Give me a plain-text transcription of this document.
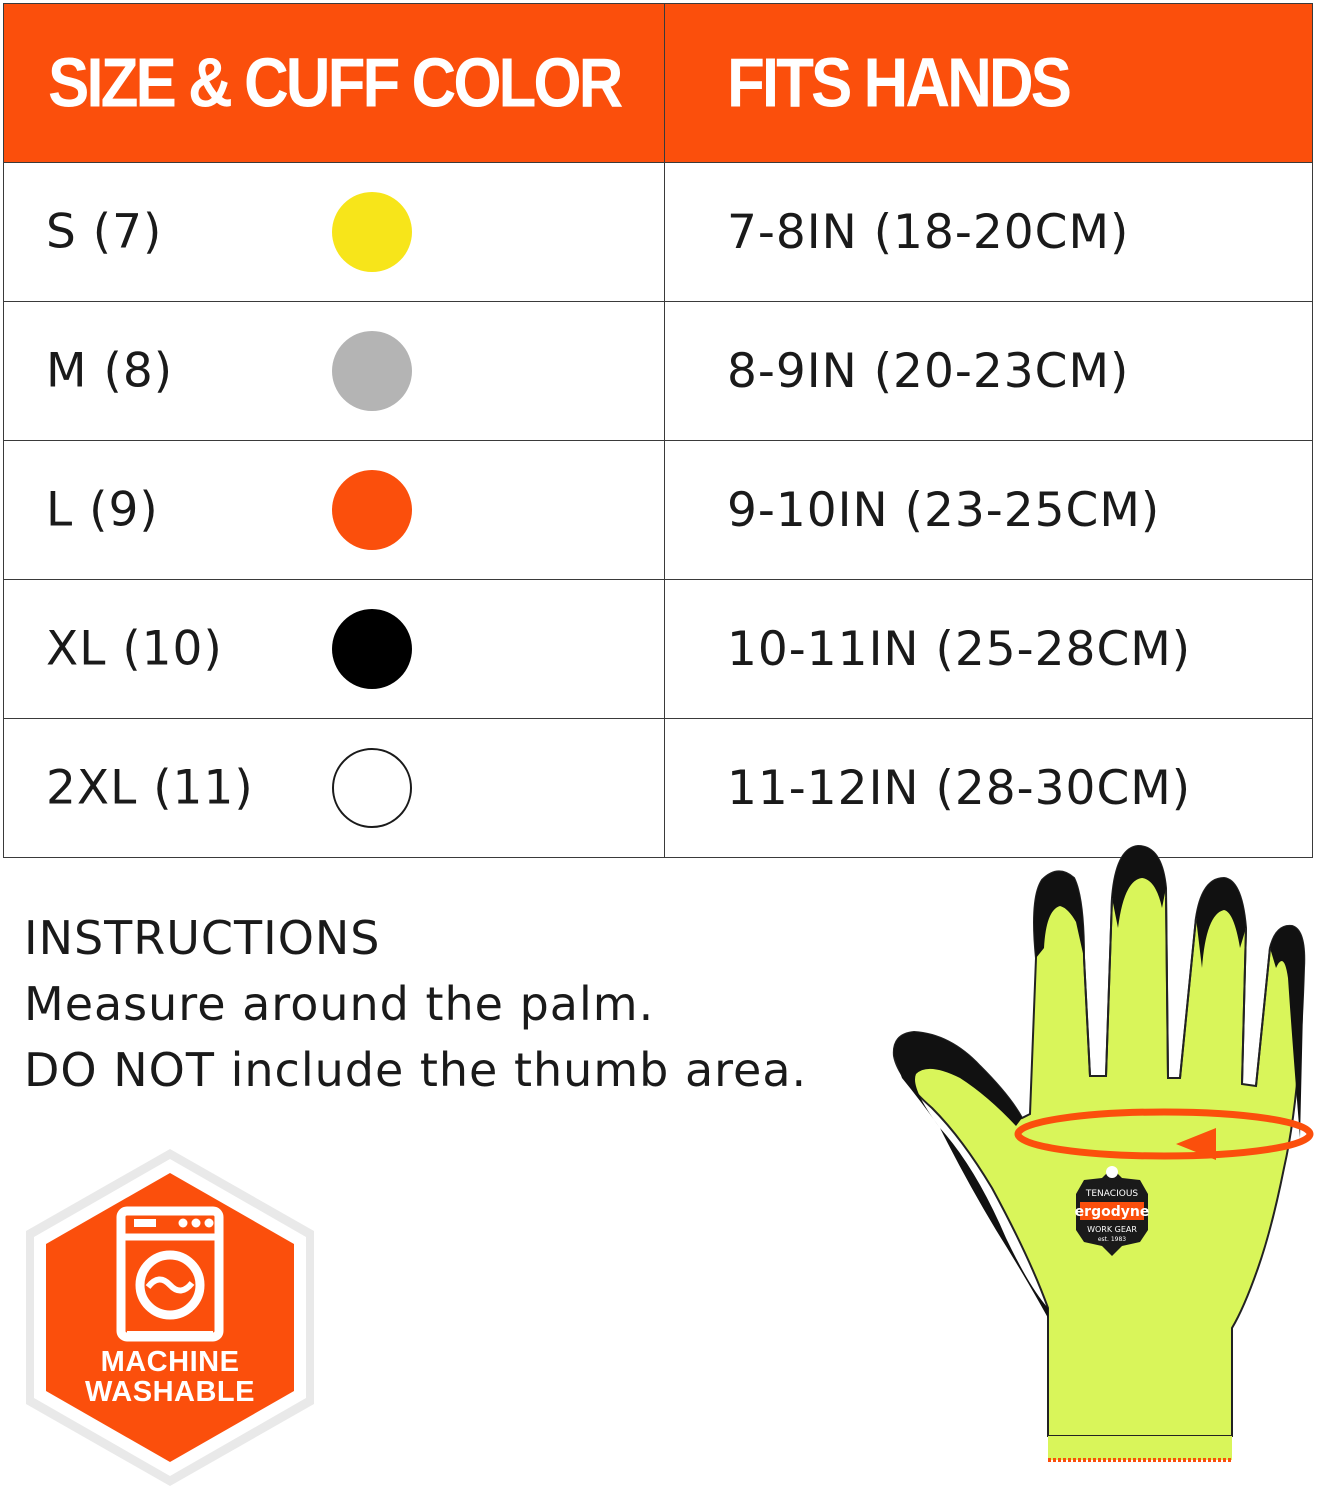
SIZE & CUFF COLOR	FITS HANDS

S (7)	7-8IN (18-20CM)

M (8)	8-9IN (20-23CM)

L (9)	9-10IN (23-25CM)

XL (10)	10-11IN (25-28CM)

2XL (11)	11-12IN (28-30CM)
INSTRUCTIONS
Measure around the palm.
DO NOT include the thumb area.
MACHINE
WASHABLE
TENACIOUS
ergodyne
WORK GEAR
est. 1983
